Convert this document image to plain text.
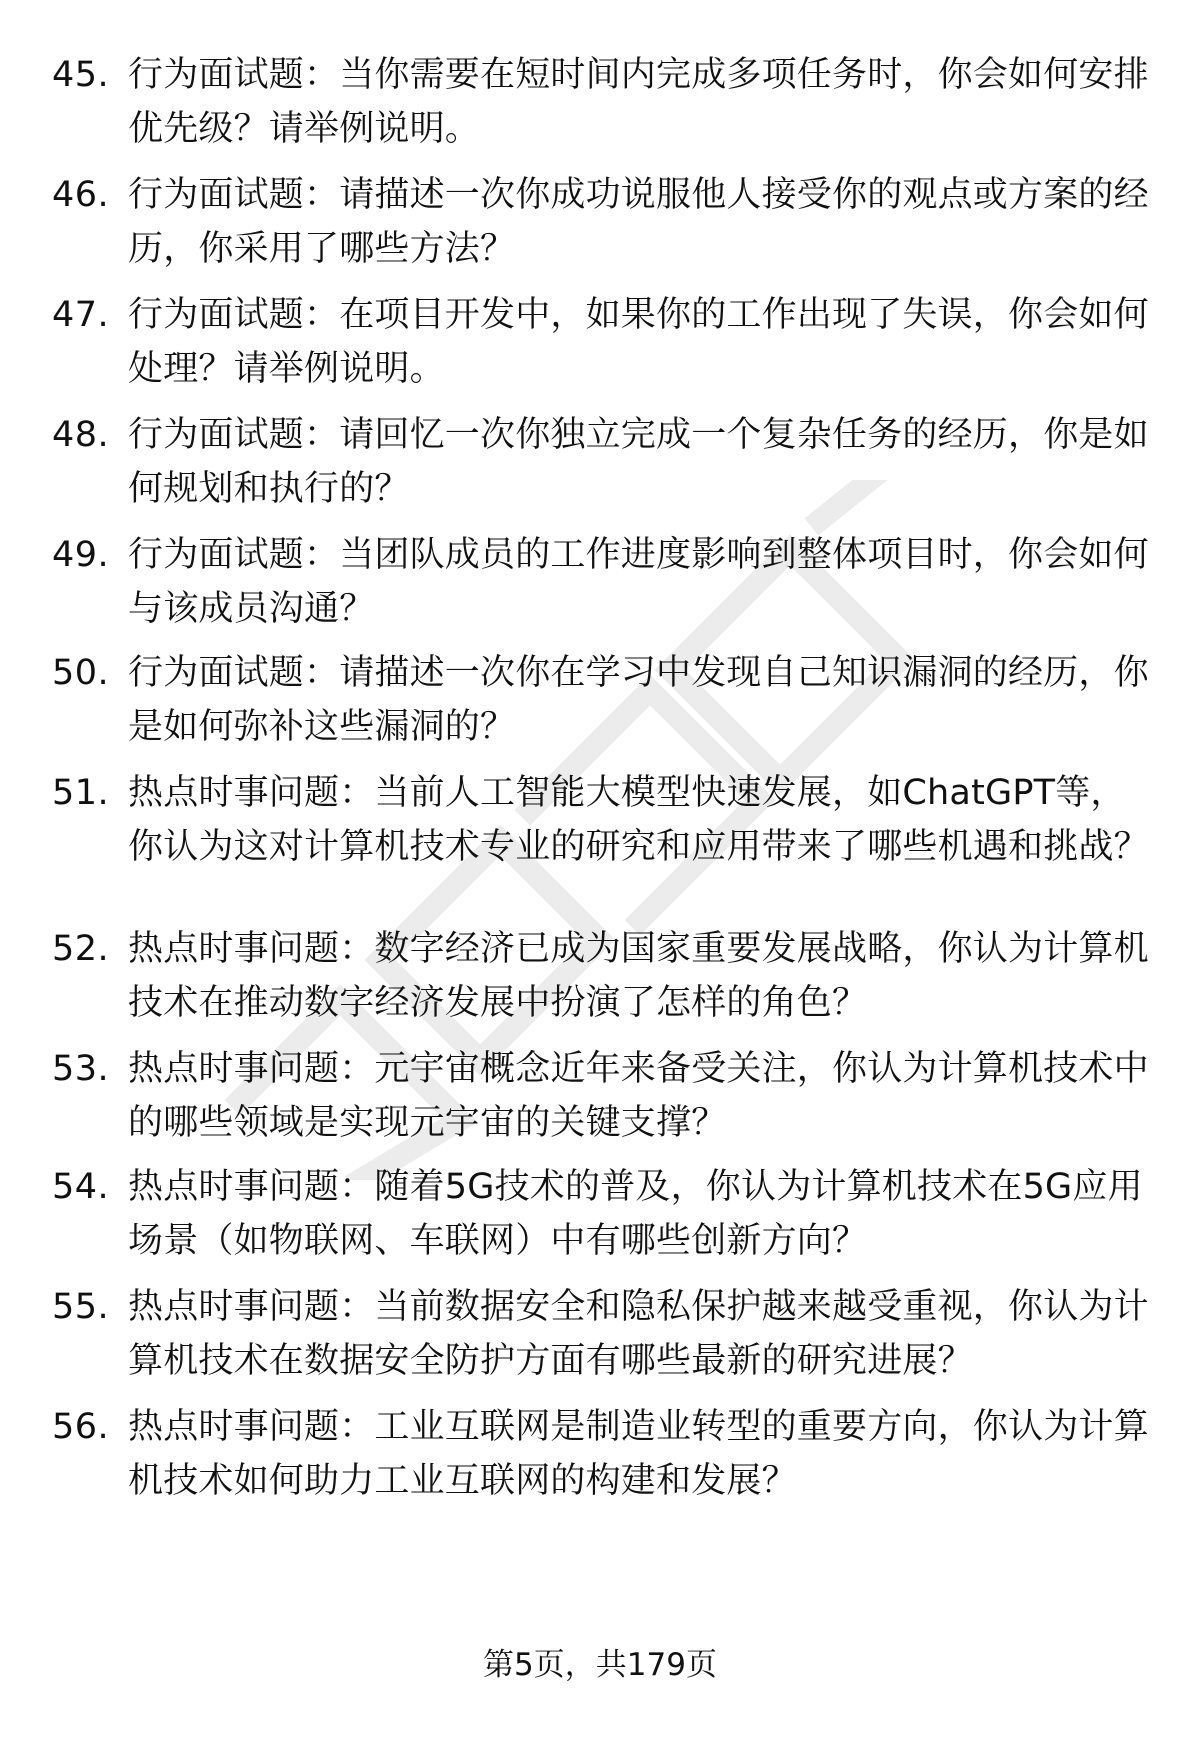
45. 行为面试题：当你需要在短时间内完成多项任务时，你会如何安排优先级？请举例说明。
46. 行为面试题：请描述一次你成功说服他人接受你的观点或方案的经历，你采用了哪些方法？
47. 行为面试题：在项目开发中，如果你的工作出现了失误，你会如何处理？请举例说明。
48. 行为面试题：请回忆一次你独立完成一个复杂任务的经历，你是如何规划和执行的？
49. 行为面试题：当团队成员的工作进度影响到整体项目时，你会如何与该成员沟通？
50. 行为面试题：请描述一次你在学习中发现自己知识漏洞的经历，你是如何弥补这些漏洞的？
51. 热点时事问题：当前人工智能大模型快速发展，如ChatGPT等，你认为这对计算机技术专业的研究和应用带来了哪些机遇和挑战？
52. 热点时事问题：数字经济已成为国家重要发展战略，你认为计算机技术在推动数字经济发展中扮演了怎样的角色？
53. 热点时事问题：元宇宙概念近年来备受关注，你认为计算机技术中的哪些领域是实现元宇宙的关键支撑？
54. 热点时事问题：随着5G技术的普及，你认为计算机技术在5G应用场景（如物联网、车联网）中有哪些创新方向？
55. 热点时事问题：当前数据安全和隐私保护越来越受重视，你认为计算机技术在数据安全防护方面有哪些最新的研究进展？
56. 热点时事问题：工业互联网是制造业转型的重要方向，你认为计算机技术如何助力工业互联网的构建和发展？
第5页，共179页
